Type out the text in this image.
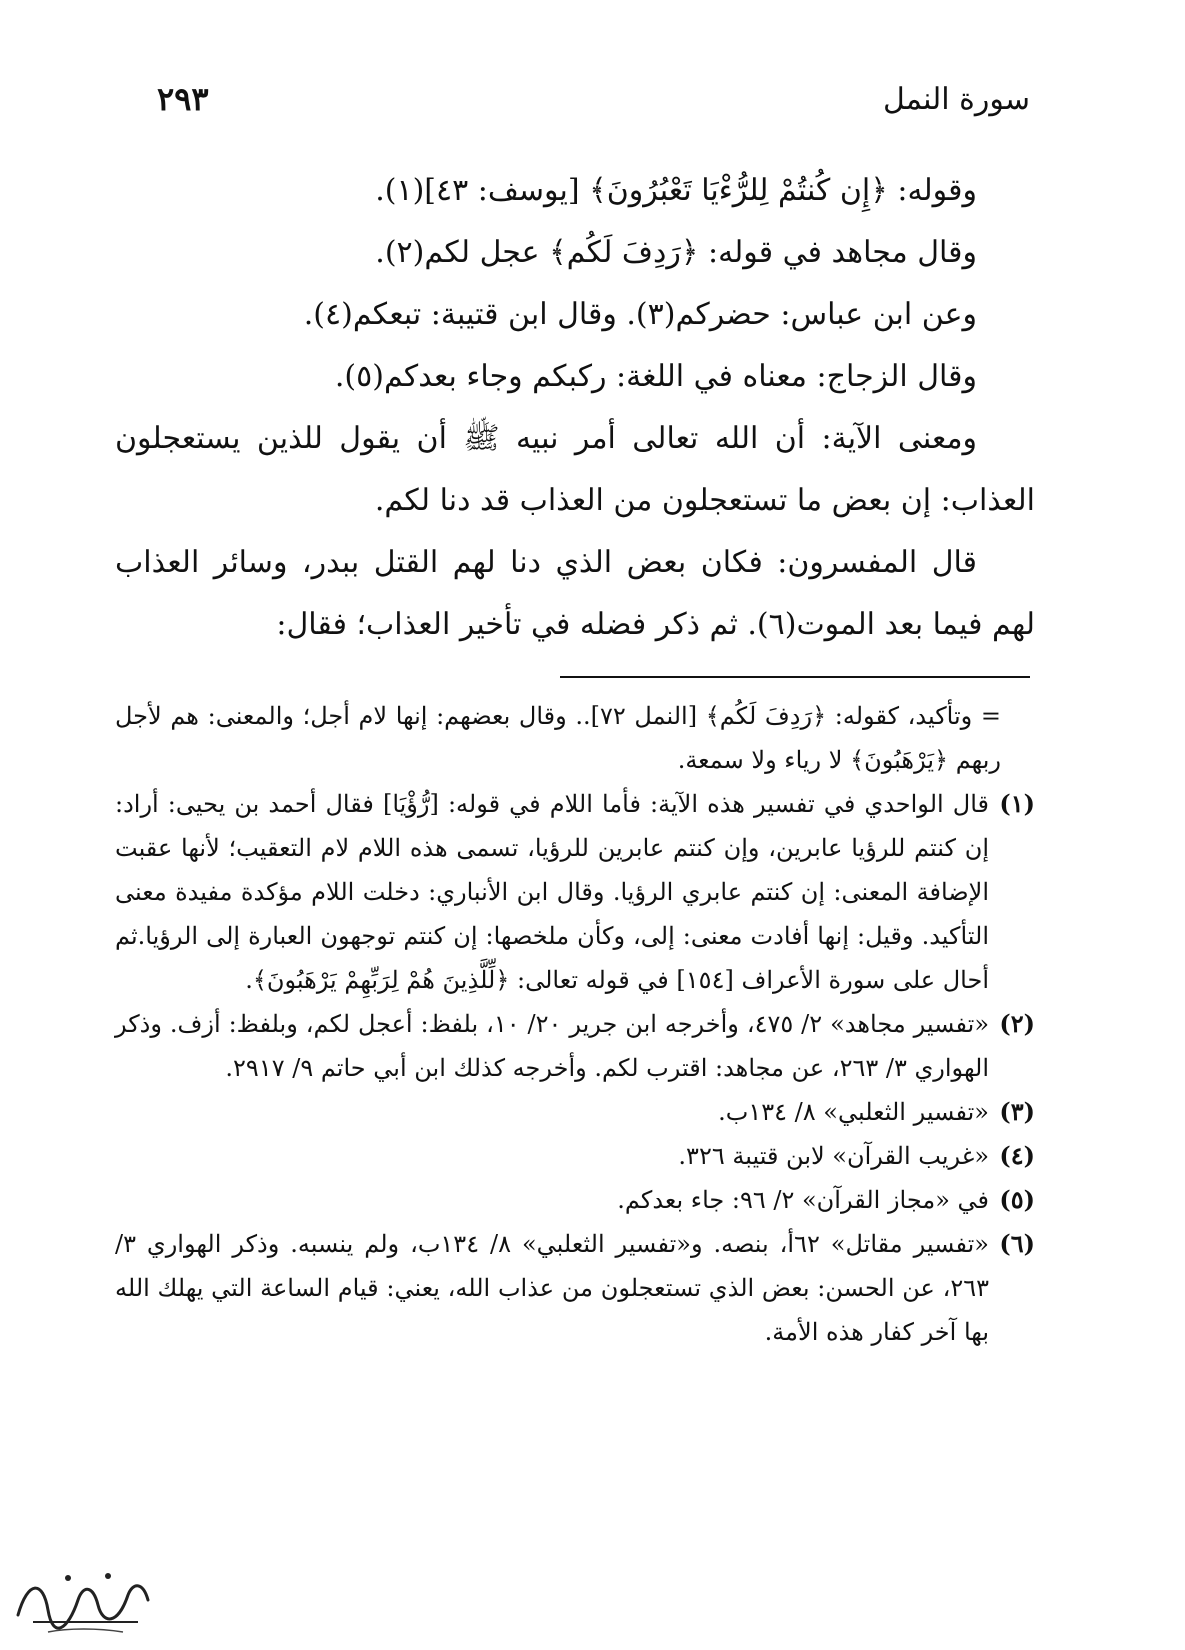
سورة النمل
٢٩٣

وقوله: ﴿إِن كُنتُمْ لِلرُّءْيَا تَعْبُرُونَ﴾ [يوسف: ٤٣](١).

وقال مجاهد في قوله: ﴿رَدِفَ لَكُم﴾ عجل لكم(٢).

وعن ابن عباس: حضركم(٣). وقال ابن قتيبة: تبعكم(٤).

وقال الزجاج: معناه في اللغة: ركبكم وجاء بعدكم(٥).

ومعنى الآية: أن الله تعالى أمر نبيه ﷺ أن يقول للذين يستعجلون العذاب: إن بعض ما تستعجلون من العذاب قد دنا لكم.

قال المفسرون: فكان بعض الذي دنا لهم القتل ببدر، وسائر العذاب لهم فيما بعد الموت(٦). ثم ذكر فضله في تأخير العذاب؛ فقال:

= وتأكيد، كقوله: ﴿رَدِفَ لَكُم﴾ [النمل ٧٢].. وقال بعضهم: إنها لام أجل؛ والمعنى: هم لأجل ربهم ﴿يَرْهَبُونَ﴾ لا رياء ولا سمعة.

(١)
قال الواحدي في تفسير هذه الآية: فأما اللام في قوله: [رُّؤْيَا] فقال أحمد بن يحيى: أراد: إن كنتم للرؤيا عابرين، وإن كنتم عابرين للرؤيا، تسمى هذه اللام لام التعقيب؛ لأنها عقبت الإضافة المعنى: إن كنتم عابري الرؤيا. وقال ابن الأنباري: دخلت اللام مؤكدة مفيدة معنى التأكيد. وقيل: إنها أفادت معنى: إلى، وكأن ملخصها: إن كنتم توجهون العبارة إلى الرؤيا.ثم أحال على سورة الأعراف [١٥٤] في قوله تعالى: ﴿لِّلَّذِينَ هُمْ لِرَبِّهِمْ يَرْهَبُونَ﴾.
(٢)
«تفسير مجاهد» ٢/ ٤٧٥، وأخرجه ابن جرير ٢٠/ ١٠، بلفظ: أعجل لكم، وبلفظ: أزف. وذكر الهواري ٣/ ٢٦٣، عن مجاهد: اقترب لكم. وأخرجه كذلك ابن أبي حاتم ٩/ ٢٩١٧.
(٣)
«تفسير الثعلبي» ٨/ ١٣٤ب.
(٤)
«غريب القرآن» لابن قتيبة ٣٢٦.
(٥)
في «مجاز القرآن» ٢/ ٩٦: جاء بعدكم.
(٦)
«تفسير مقاتل» ٦٢أ، بنصه. و«تفسير الثعلبي» ٨/ ١٣٤ب، ولم ينسبه. وذكر الهواري ٣/ ٢٦٣، عن الحسن: بعض الذي تستعجلون من عذاب الله، يعني: قيام الساعة التي يهلك الله بها آخر كفار هذه الأمة.
